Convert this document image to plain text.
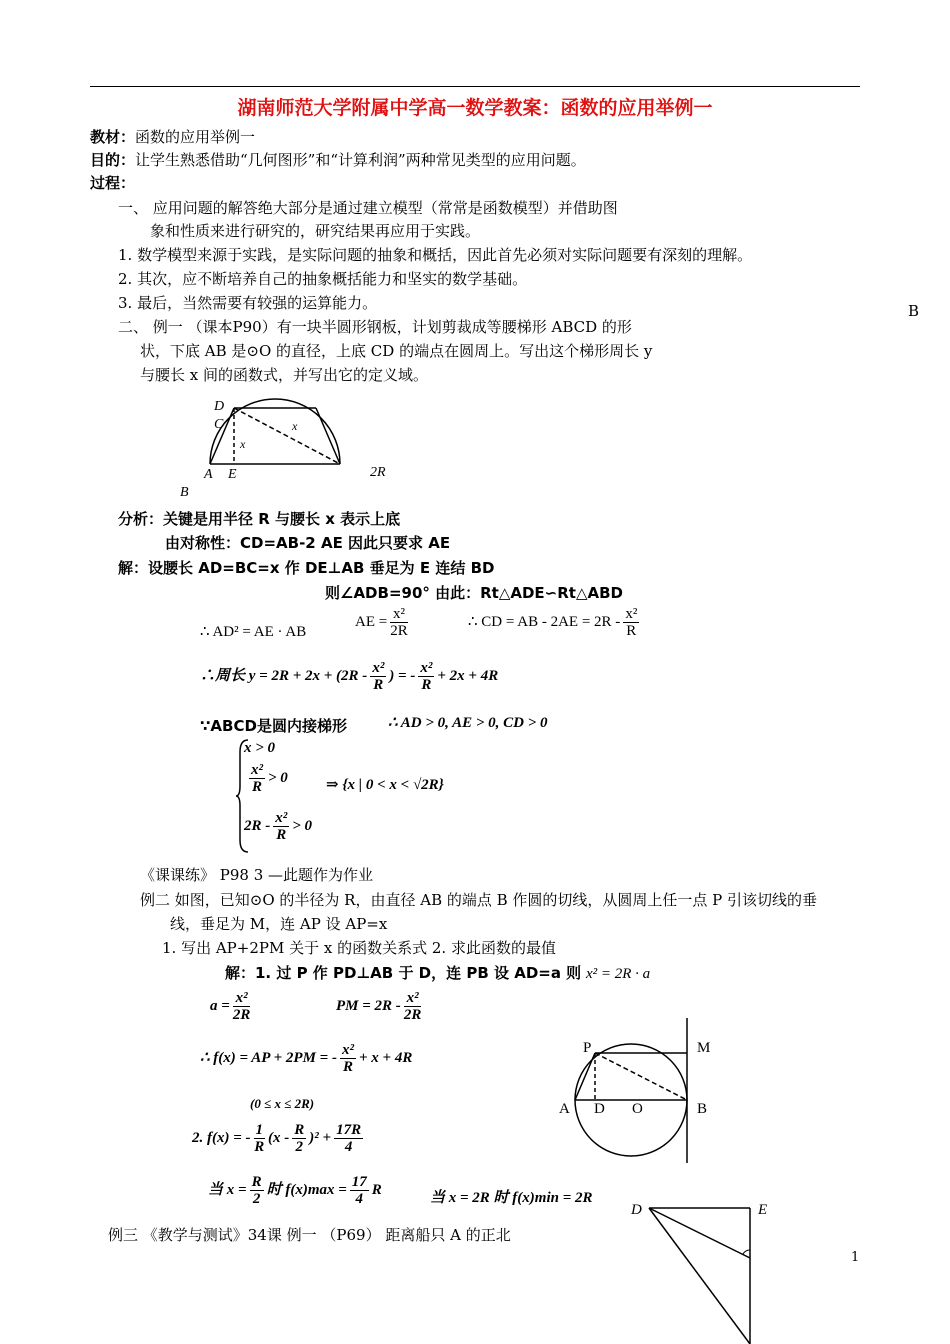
湖南师范大学附属中学高一数学教案：函数的应用举例一
教材：函数的应用举例一
目的：让学生熟悉借助“几何图形”和“计算利润”两种常见类型的应用问题。
过程：
一、 应用问题的解答绝大部分是通过建立模型（常常是函数模型）并借助图
象和性质来进行研究的，研究结果再应用于实践。
1. 数学模型来源于实践，是实际问题的抽象和概括，因此首先必须对实际问题要有深刻的理解。
2. 其次，应不断培养自己的抽象概括能力和坚实的数学基础。
3. 最后，当然需要有较强的运算能力。	B
二、 例一 （课本P90）有一块半圆形钢板，计划剪裁成等腰梯形 ABCD 的形
状，下底 AB 是⊙O 的直径，上底 CD 的端点在圆周上。写出这个梯形周长 y
与腰长 x 间的函数式，并写出它的定义域。
D
C
x
x
A E	2R
B
分析：关键是用半径 R 与腰长 x 表示上底
由对称性：CD=AB-2 AE 因此只要求 AE
解：设腰长 AD=BC=x 作 DE⊥AB 垂足为 E 连结 BD
则∠ADB=90° 由此：Rt△ADE∽Rt△ABD
∴ AD² = AE · AB
AE = $\frac{\text{x²}}{2R}$	∴ CD = AB - $2AE = 2R - \frac{\text{x²}}{R}$
∴周长 $y = 2R + 2x + (2R - \frac{\text{x²}}{R}$ ) = - $\frac{\text{x²}}{R} + 2x + 4R$
∵ABCD是圆内接梯形	∴ AD > 0, AE > 0, CD > 0
x > 0
$\frac{\text{x²}}{R} > 0$
$2R - \frac{\text{x²}}{R} > 0$
⇒ {x | 0 < x < √2R}
《课课练》 P98 3 —此题作为作业
例二 如图，已知⊙O 的半径为 R，由直径 AB 的端点 B 作圆的切线，从圆周上任一点 P 引该切线的垂
线，垂足为 M，连 AP 设 AP=x
1. 写出 AP+2PM 关于 x 的函数关系式 2. 求此函数的最值
解：1. 过 P 作 PD⊥AB 于 D，连 PB 设 AD=a 则 x² = 2R · a
$a = \frac{\text{x²}}{2R}$	PM = $2R - \frac{\text{x²}}{2R}$
∴ f(x) = AP + 2PM = - $\frac{\text{x²}}{R} + x + 4R$
(0 ≤ x ≤ 2R)
2. f(x) = - $\frac{1}{R} (x - \frac{R}{2} )^2 + \frac{17R}{4}$
当 $x = \frac{R}{2}$ 时 $f(x)\max = \frac{17}{4}$ R
当 x = 2R 时 f(x)min = 2R
P	M
A D O	B
例三 《教学与测试》34课 例一 （P69） 距离船只 A 的正北
D	E
1
